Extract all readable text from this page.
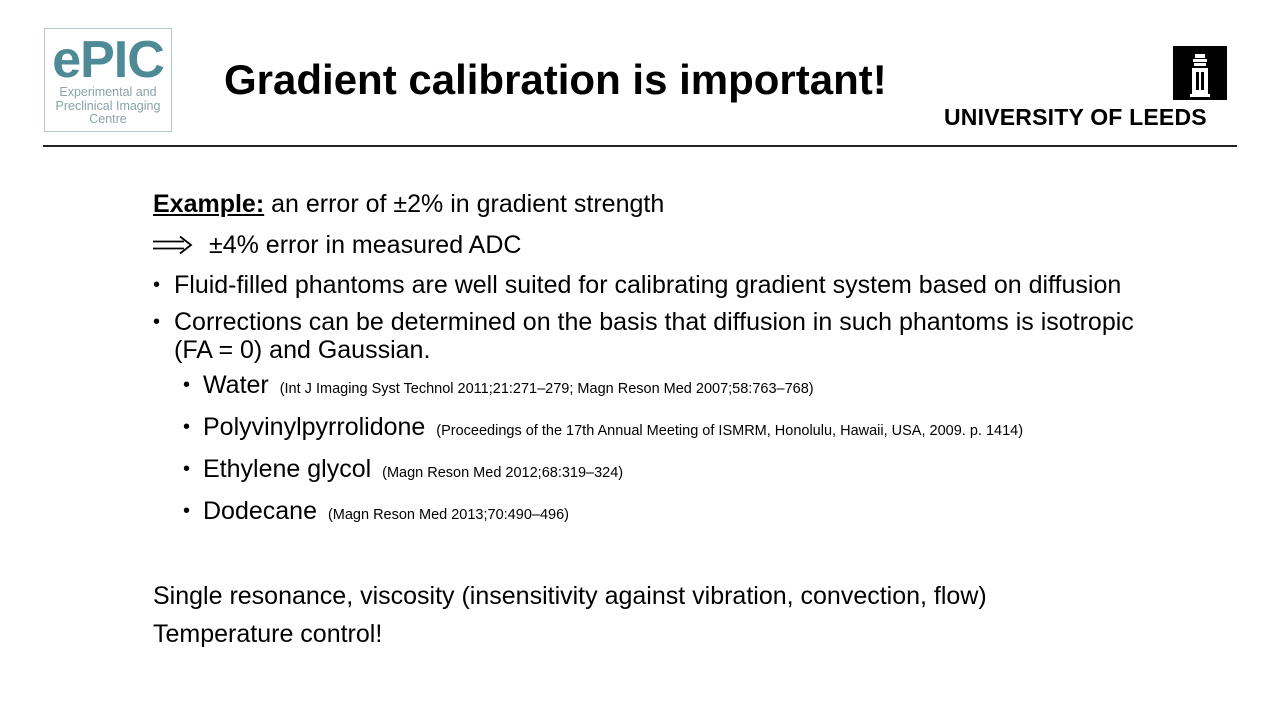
ePIC
Experimental and
Preclinical Imaging
Centre
Gradient calibration is important!
UNIVERSITY OF LEEDS
Example: an error of ±2% in gradient strength
±4% error in measured ADC
• Fluid-filled phantoms are well suited for calibrating gradient system based on diffusion
• Corrections can be determined on the basis that diffusion in such phantoms is isotropic (FA = 0) and Gaussian.
• Water (Int J Imaging Syst Technol 2011;21:271–279; Magn Reson Med 2007;58:763–768)
• Polyvinylpyrrolidone (Proceedings of the 17th Annual Meeting of ISMRM, Honolulu, Hawaii, USA, 2009. p. 1414)
• Ethylene glycol (Magn Reson Med 2012;68:319–324)
• Dodecane (Magn Reson Med 2013;70:490–496)
Single resonance, viscosity (insensitivity against vibration, convection, flow)
Temperature control!
